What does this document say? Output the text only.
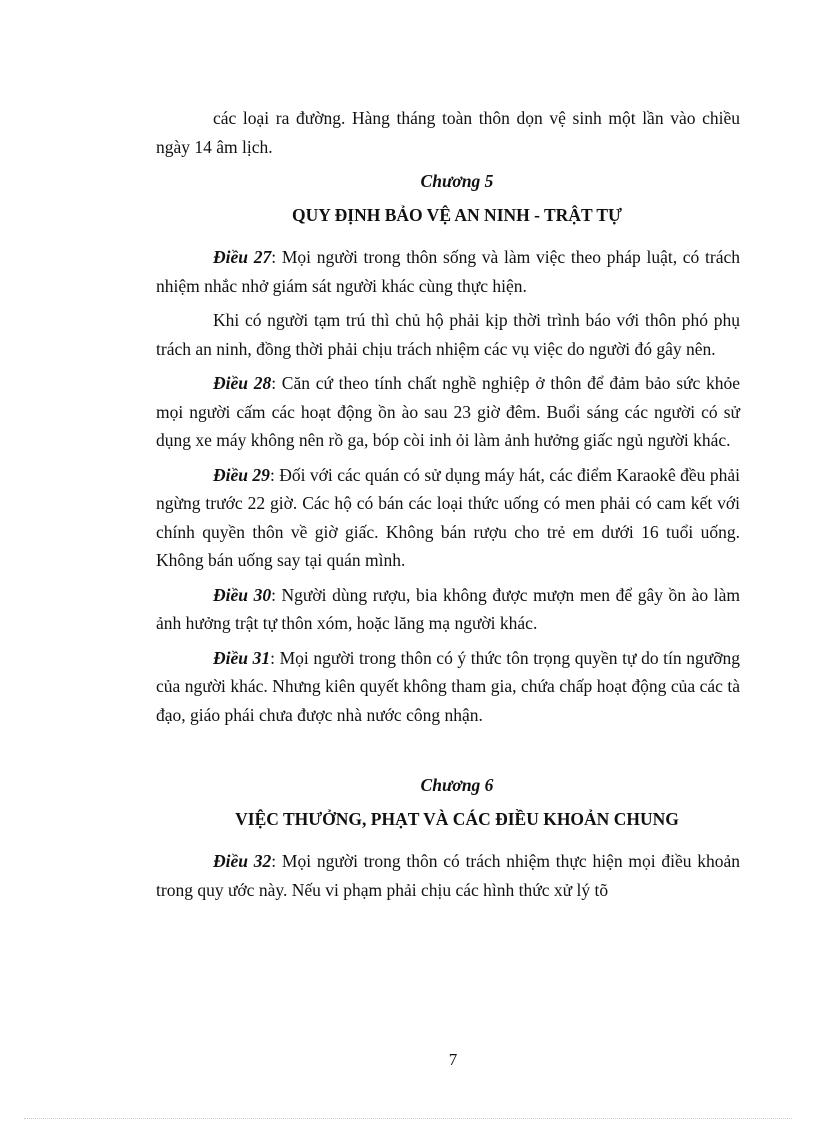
các loại ra đường. Hàng tháng toàn thôn dọn vệ sinh một lần vào chiều ngày 14 âm lịch.

Chương 5

QUY ĐỊNH BẢO VỆ AN NINH - TRẬT TỰ

Điều 27: Mọi người trong thôn sống và làm việc theo pháp luật, có trách nhiệm nhắc nhở giám sát người khác cùng thực hiện.

Khi có người tạm trú thì chủ hộ phải kịp thời trình báo với thôn phó phụ trách an ninh, đồng thời phải chịu trách nhiệm các vụ việc do người đó gây nên.

Điều 28: Căn cứ theo tính chất nghề nghiệp ở thôn để đảm bảo sức khỏe mọi người cấm các hoạt động ồn ào sau 23 giờ đêm. Buổi sáng các người có sử dụng xe máy không nên rồ ga, bóp còi inh ỏi làm ảnh hưởng giấc ngủ người khác.

Điều 29: Đối với các quán có sử dụng máy hát, các điểm Karaokê đều phải ngừng trước 22 giờ. Các hộ có bán các loại thức uống có men phải có cam kết với chính quyền thôn về giờ giấc. Không bán rượu cho trẻ em dưới 16 tuổi uống. Không bán uống say tại quán mình.

Điều 30: Người dùng rượu, bia không được mượn men để gây ồn ào làm ảnh hưởng trật tự thôn xóm, hoặc lăng mạ người khác.

Điều 31: Mọi người trong thôn có ý thức tôn trọng quyền tự do tín ngưỡng của người khác. Nhưng kiên quyết không tham gia, chứa chấp hoạt động của các tà đạo, giáo phái chưa được nhà nước công nhận.

Chương 6

VIỆC THƯỞNG, PHẠT VÀ CÁC ĐIỀU KHOẢN CHUNG

Điều 32: Mọi người trong thôn có trách nhiệm thực hiện mọi điều khoản trong quy ước này. Nếu vi phạm phải chịu các hình thức xử lý tõ

7
